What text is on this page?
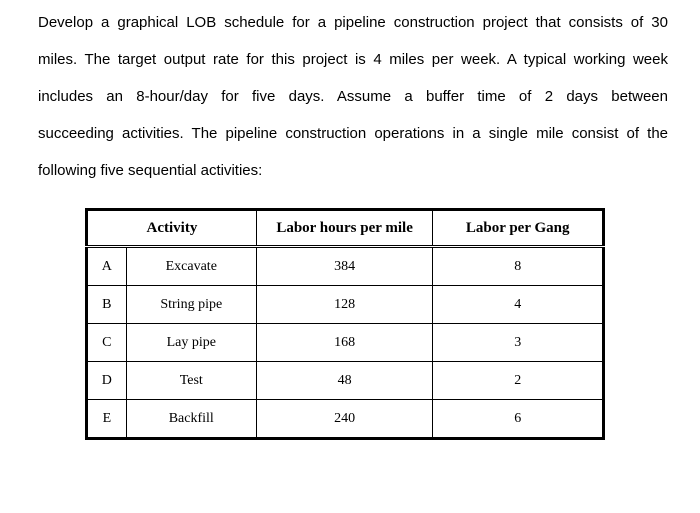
Develop a graphical LOB schedule for a pipeline construction project that consists of 30
miles. The target output rate for this project is 4 miles per week. A typical working week
includes an 8-hour/day for five days. Assume a buffer time of 2 days between
succeeding activities. The pipeline construction operations in a single mile consist of the
following five sequential activities:
Activity		Labor hours per mile	Labor per Gang
A	Excavate	384	8
B	String pipe	128	4
C	Lay pipe	168	3
D	Test	48	2
E	Backfill	240	6
